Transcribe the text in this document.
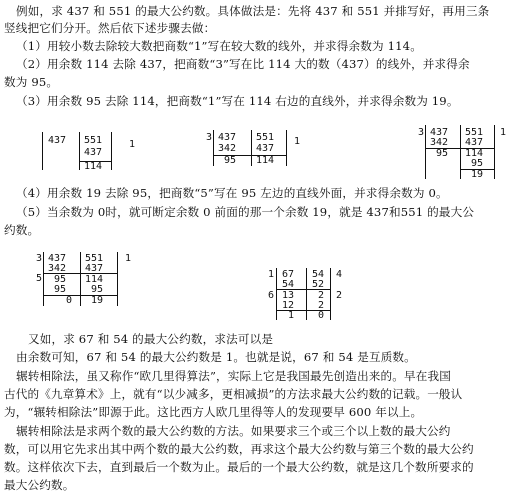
例如，求 437 和 551 的最大公约数。具体做法是：先将 437 和 551 并排写好，再用三条
竖线把它们分开。然后依下述步骤去做：
（1）用较小数去除较大数把商数“1”写在较大数的线外，并求得余数为 114。
（2）用余数 114 去除 437，把商数“3”写在比 114 大的数（437）的线外，并求得余
数为 95。
（3）用余数 95 去除 114，把商数“1”写在 114 右边的直线外，并求得余数为 19。
437 551
437
114
1
3 437 551
342 437
95 114
1
3 437 551
342 437
95 114
95
19
1
（4）用余数 19 去除 95，把商数“5”写在 95 左边的直线外面，并求得余数为 0。
（5）当余数为 0时，就可断定余数 0 前面的那一个余数 19，就是 437和551 的最大公
约数。
3
5
437 551
342 437
95 114
95 95
0 19
1
1
6
67 54
54 52
13 2
12 2
1 0
4
2
又如，求 67 和 54 的最大公约数，求法可以是
由余数可知，67 和 54 的最大公约数是 1。也就是说，67 和 54 是互质数。
辗转相除法，虽又称作“欧几里得算法”，实际上它是我国最先创造出来的。早在我国
古代的《九章算术》上，就有“以少减多，更相减损”的方法求最大公约数的记载。一般认
为，“辗转相除法”即源于此。这比西方人欧几里得等人的发现要早 600 年以上。
辗转相除法是求两个数的最大公约数的方法。如果要求三个或三个以上数的最大公约
数，可以用它先求出其中两个数的最大公约数，再求这个最大公约数与第三个数的最大公约
数。这样依次下去，直到最后一个数为止。最后的一个最大公约数，就是这几个数所要求的
最大公约数。
